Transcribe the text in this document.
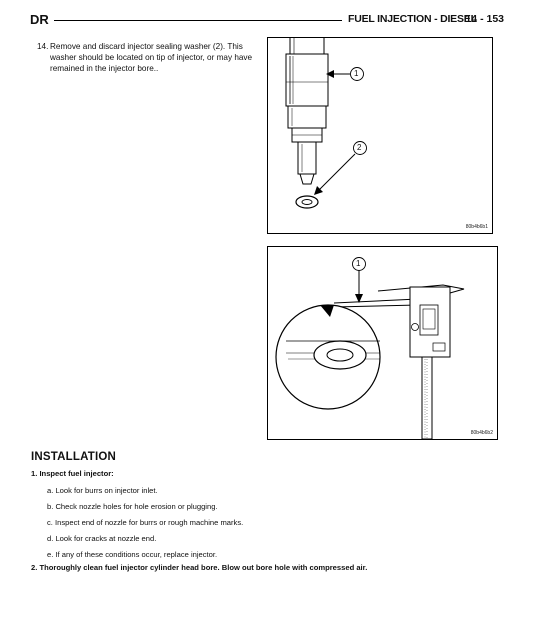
DR	FUEL INJECTION - DIESEL
14 - 153
14. Remove and discard injector sealing washer (2). This washer should be located on tip of injector, or may have remained in the injector bore..
1
2
80b4b6b1
1
80b4b6b2
INSTALLATION
1. Inspect fuel injector:
a. Look for burrs on injector inlet.
b. Check nozzle holes for hole erosion or plugging.
c. Inspect end of nozzle for burrs or rough machine marks.
d. Look for cracks at nozzle end.
e. If any of these conditions occur, replace injector.
2. Thoroughly clean fuel injector cylinder head bore. Blow out bore hole with compressed air.
